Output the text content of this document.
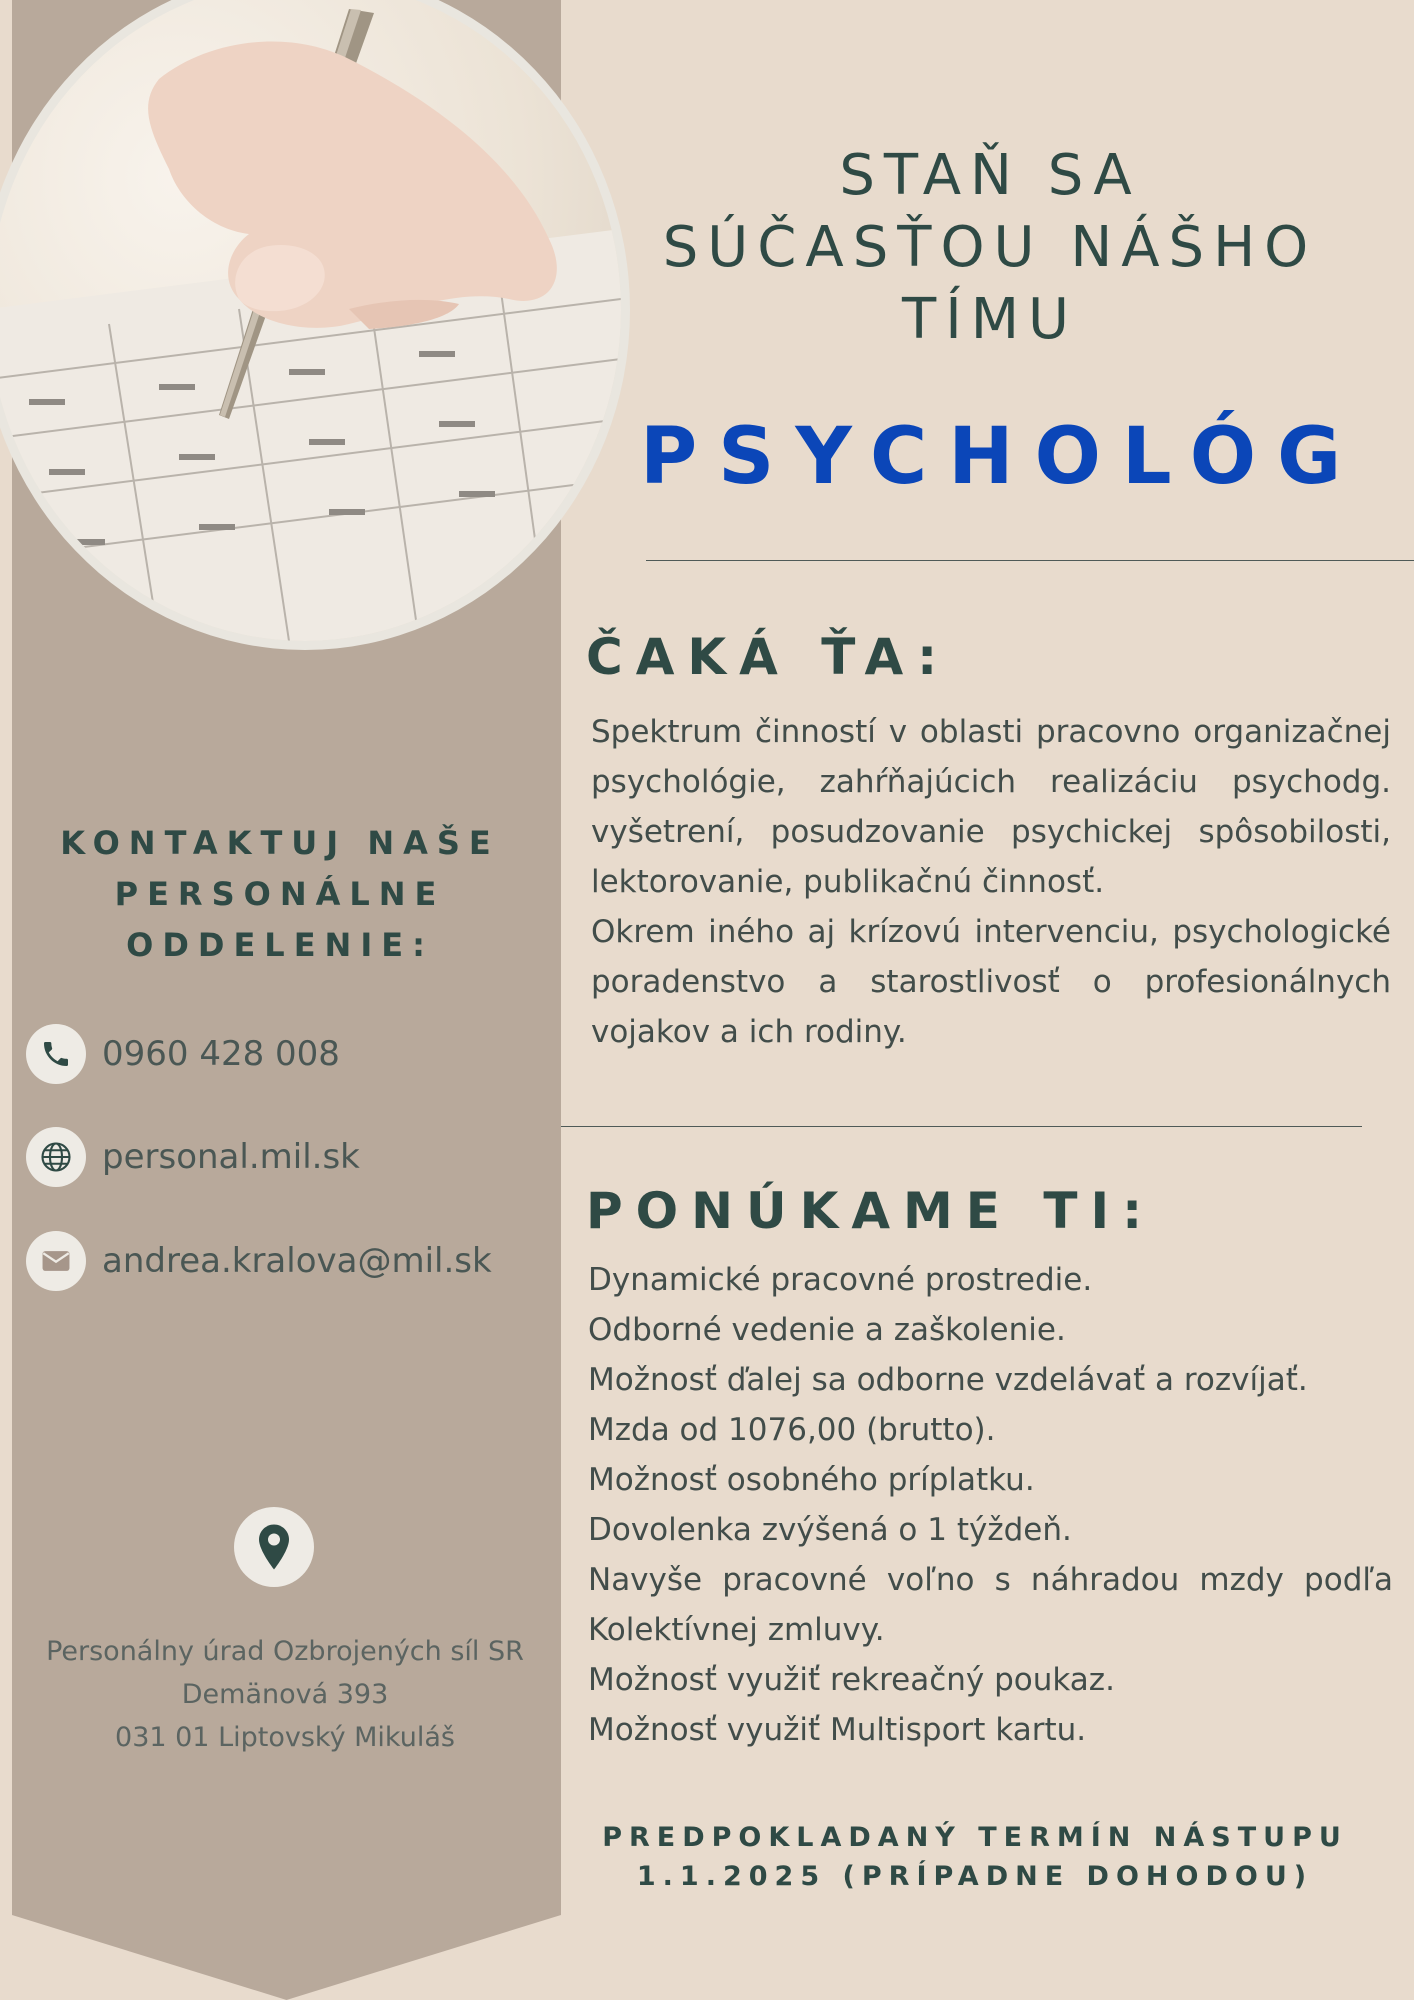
KONTAKTUJ NAŠE
PERSONÁLNE
ODDELENIE:
0960 428 008
personal.mil.sk
andrea.kralova@mil.sk
Personálny úrad Ozbrojených síl SR
Demänová 393
031 01 Liptovský Mikuláš
STAŇ SA
SÚČASŤOU NÁŠHO
TÍMU
PSYCHOLÓG
ČAKÁ ŤA:

Spektrum činností v oblasti pracovno organizačnej psychológie, zahŕňajúcich realizáciu psychodg. vyšetrení, posudzovanie psychickej spôsobilosti, lektorovanie, publikačnú činnosť.

Okrem iného aj krízovú intervenciu, psychologické poradenstvo a starostlivosť o profesionálnych vojakov a ich rodiny.

PONÚKAME TI:
Dynamické pracovné prostredie.
Odborné vedenie a zaškolenie.
Možnosť ďalej sa odborne vzdelávať a rozvíjať.
Mzda od 1076,00 (brutto).
Možnosť osobného príplatku.
Dovolenka zvýšená o 1 týždeň.
Navyše pracovné voľno s náhradou mzdy podľa Kolektívnej zmluvy.
Možnosť využiť rekreačný poukaz.
Možnosť využiť Multisport kartu.
PREDPOKLADANÝ TERMÍN NÁSTUPU
1.1.2025 (PRÍPADNE DOHODOU)
